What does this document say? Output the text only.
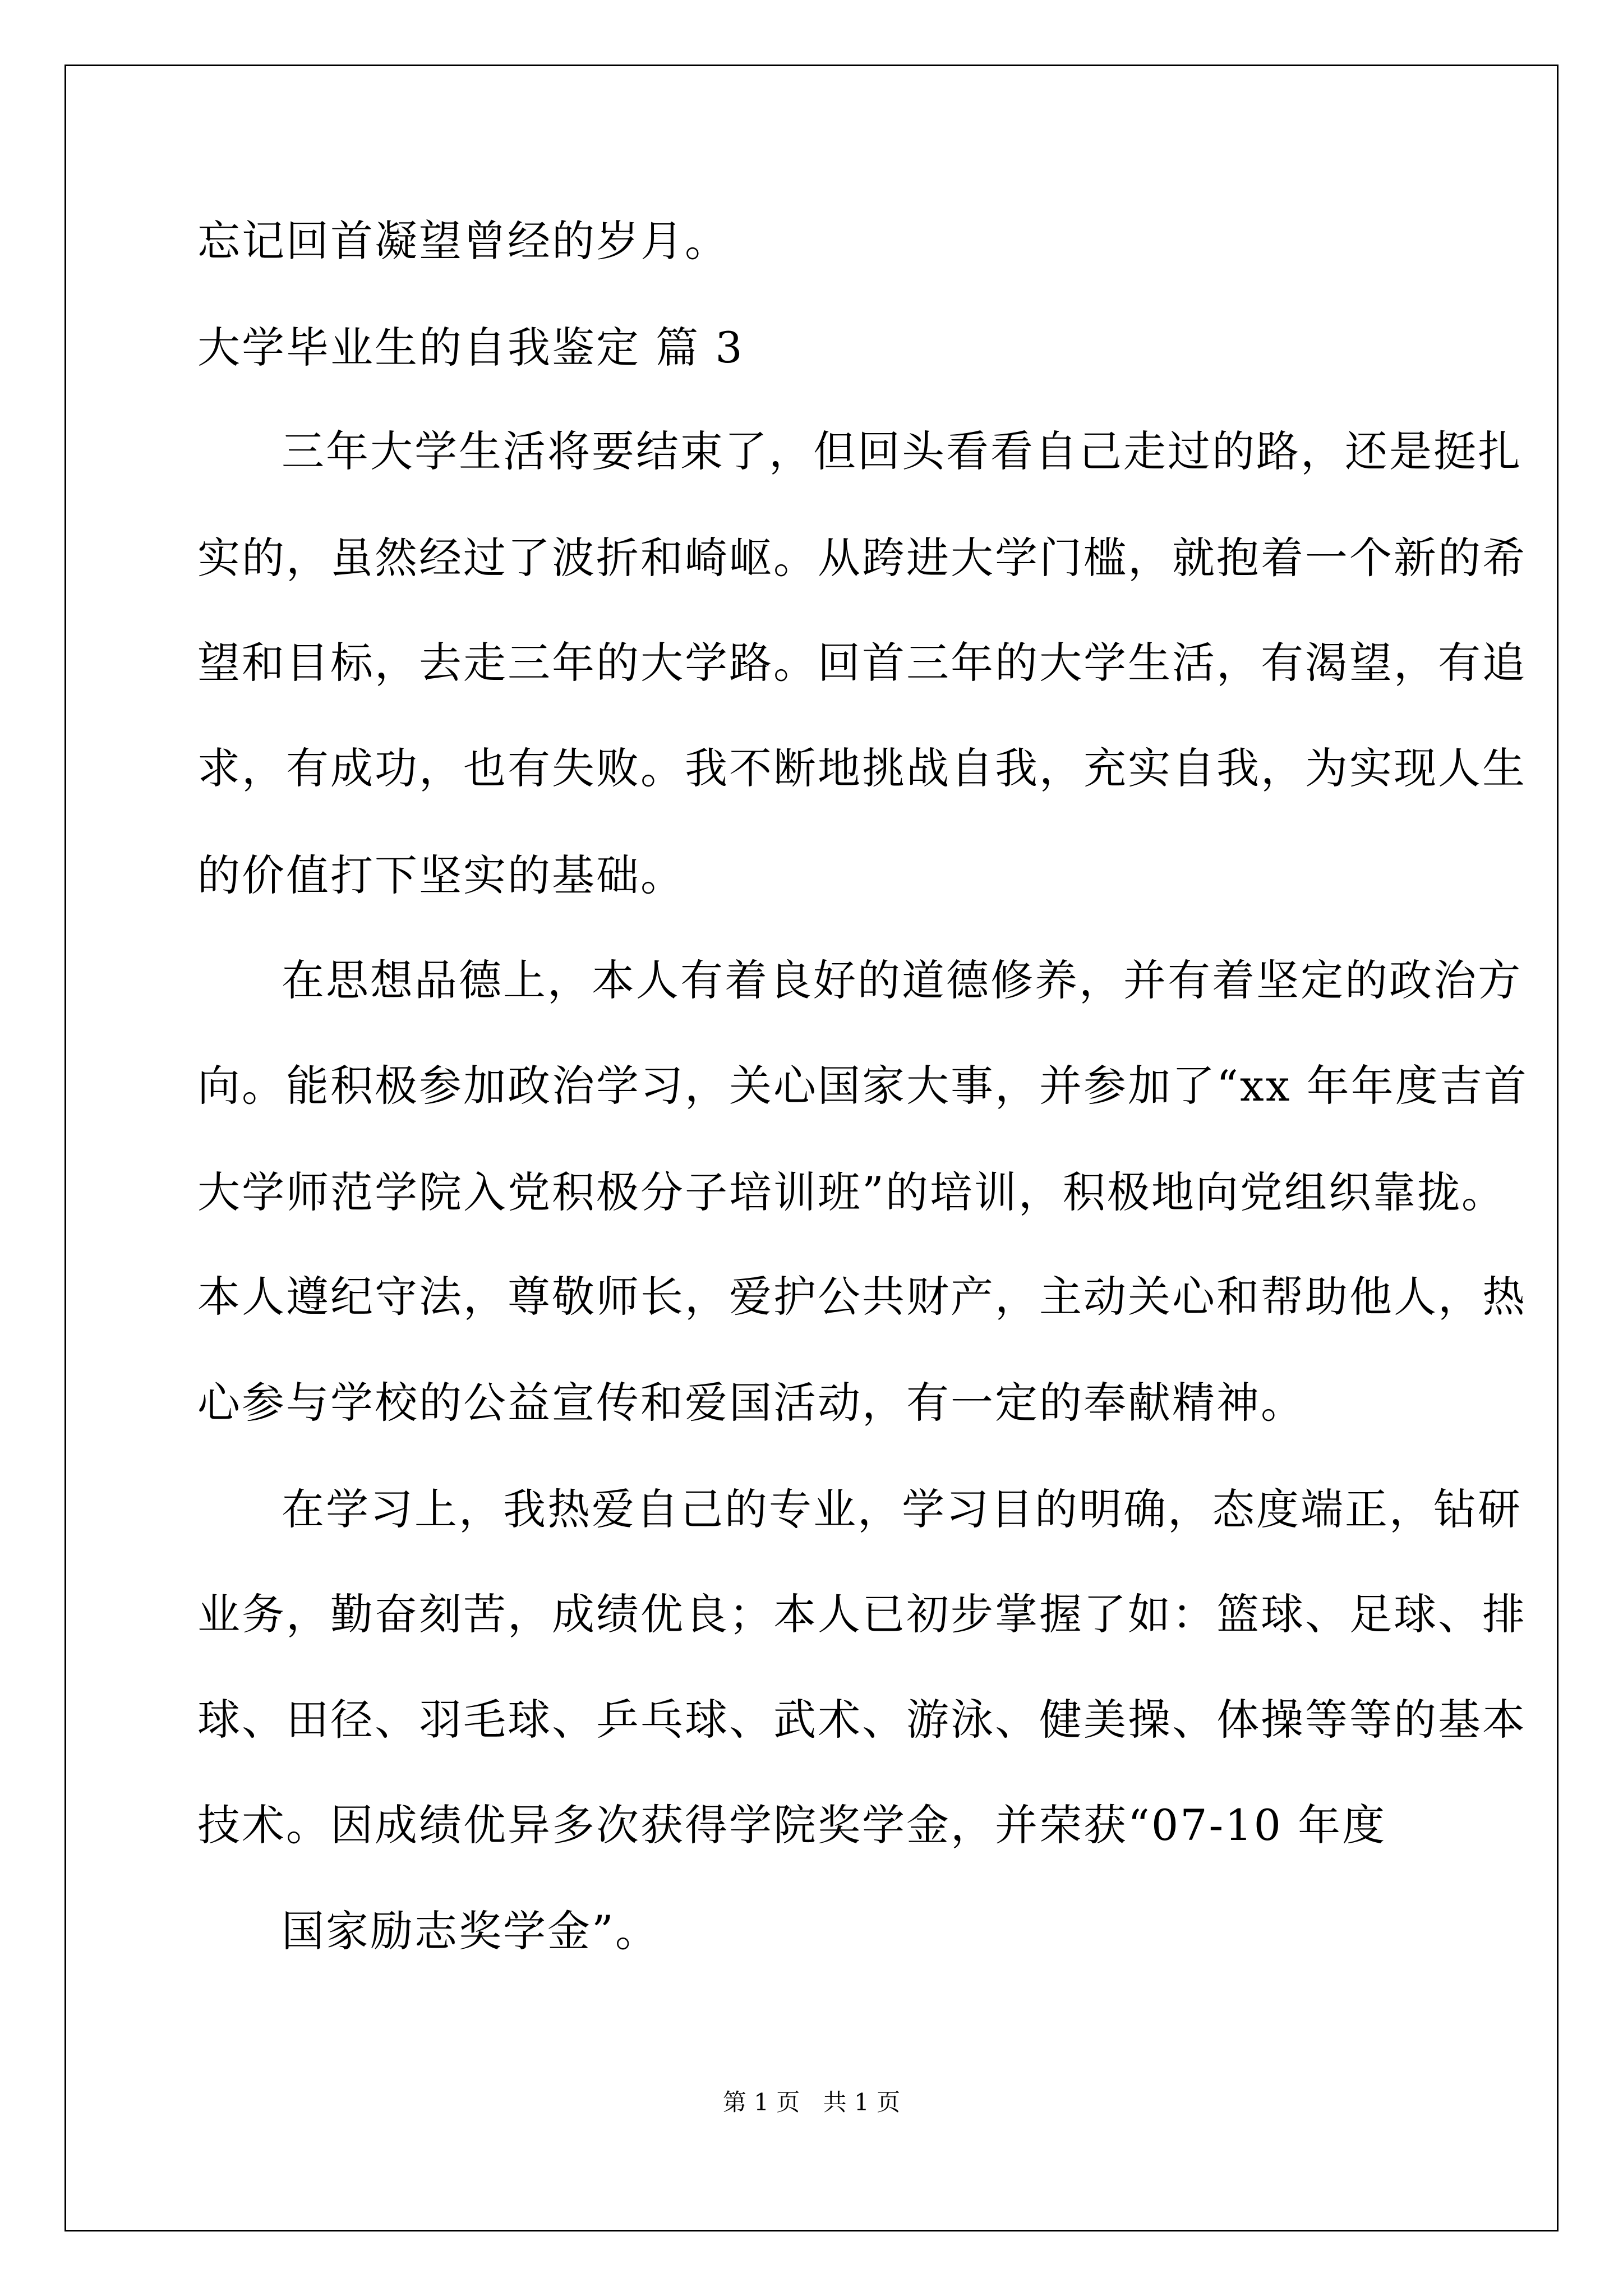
忘记回首凝望曾经的岁月。
大学毕业生的自我鉴定 篇 3
三年大学生活将要结束了，但回头看看自己走过的路，还是挺扎
实的，虽然经过了波折和崎岖。从跨进大学门槛，就抱着一个新的希
望和目标，去走三年的大学路。回首三年的大学生活，有渴望，有追
求，有成功，也有失败。我不断地挑战自我，充实自我，为实现人生
的价值打下坚实的基础。
在思想品德上，本人有着良好的道德修养，并有着坚定的政治方
向。能积极参加政治学习，关心国家大事，并参加了“xx 年年度吉首
大学师范学院入党积极分子培训班”的培训，积极地向党组织靠拢。
本人遵纪守法，尊敬师长，爱护公共财产，主动关心和帮助他人，热
心参与学校的公益宣传和爱国活动，有一定的奉献精神。
在学习上，我热爱自己的专业，学习目的明确，态度端正，钻研
业务，勤奋刻苦，成绩优良；本人已初步掌握了如：篮球、足球、排
球、田径、羽毛球、乒乓球、武术、游泳、健美操、体操等等的基本
技术。因成绩优异多次获得学院奖学金，并荣获“07-10 年度
国家励志奖学金”。
第 1 页 共 1 页
